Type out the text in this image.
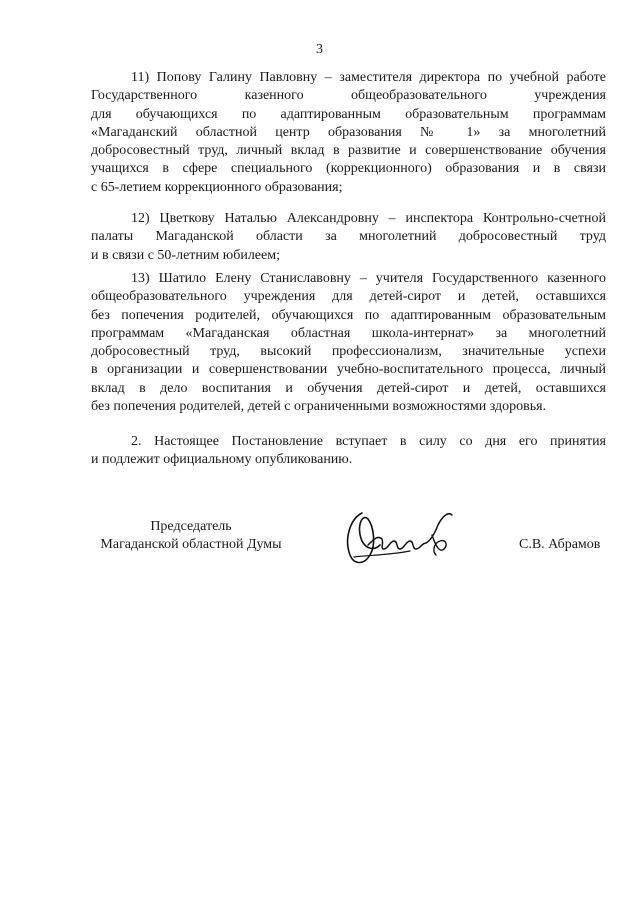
3
11) Попову Галину Павловну – заместителя директора по учебной работе
Государственного казенного общеобразовательного учреждения
для обучающихся по адаптированным образовательным программам
«Магаданский областной центр образования № 1» за многолетний
добросовестный труд, личный вклад в развитие и совершенствование обучения
учащихся в сфере специального (коррекционного) образования и в связи
с 65-летием коррекционного образования;
12) Цветкову Наталью Александровну – инспектора Контрольно-счетной
палаты Магаданской области за многолетний добросовестный труд
и в связи с 50-летним юбилеем;
13) Шатило Елену Станиславовну – учителя Государственного казенного
общеобразовательного учреждения для детей-сирот и детей, оставшихся
без попечения родителей, обучающихся по адаптированным образовательным
программам «Магаданская областная школа-интернат» за многолетний
добросовестный труд, высокий профессионализм, значительные успехи
в организации и совершенствовании учебно-воспитательного процесса, личный
вклад в дело воспитания и обучения детей-сирот и детей, оставшихся
без попечения родителей, детей с ограниченными возможностями здоровья.
2. Настоящее Постановление вступает в силу со дня его принятия
и подлежит официальному опубликованию.
Председатель
Магаданской областной Думы	С.В. Абрамов
